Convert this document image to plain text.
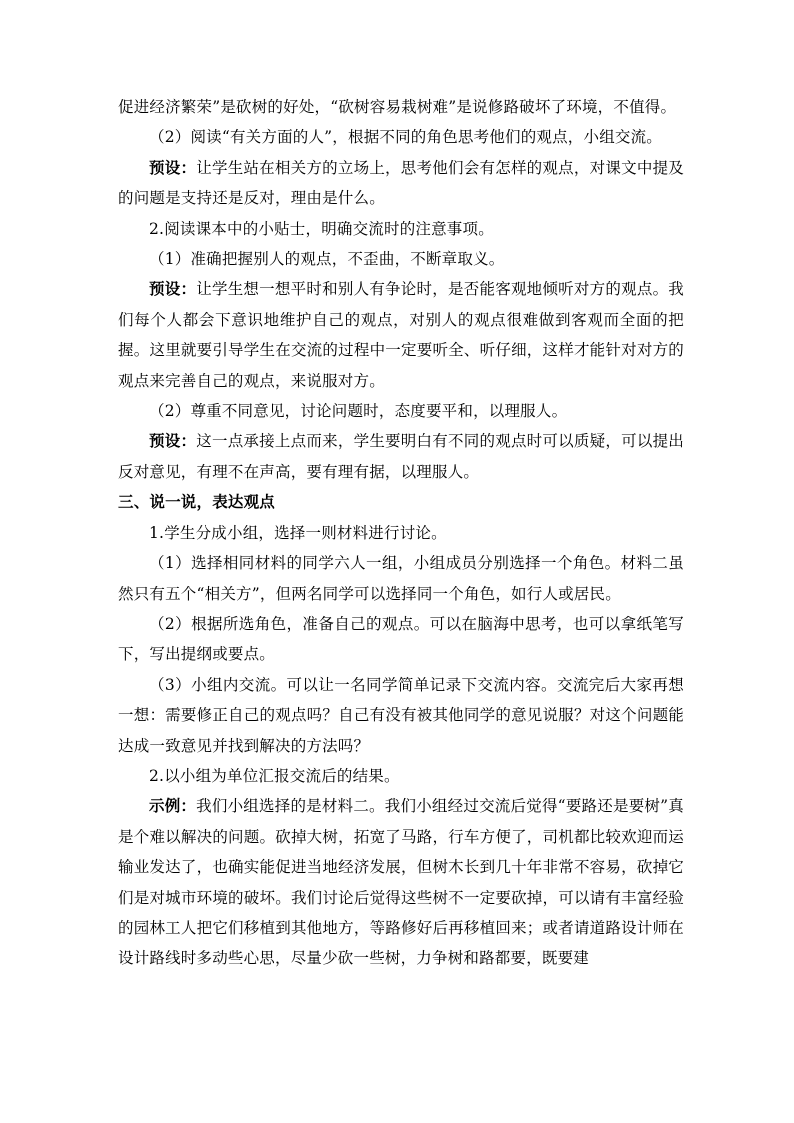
促进经济繁荣”是砍树的好处，“砍树容易栽树难”是说修路破坏了环境，不值得。

（2）阅读“有关方面的人”，根据不同的角色思考他们的观点，小组交流。

预设：让学生站在相关方的立场上，思考他们会有怎样的观点，对课文中提及的问题是支持还是反对，理由是什么。

2.阅读课本中的小贴士，明确交流时的注意事项。

（1）准确把握别人的观点，不歪曲，不断章取义。

预设：让学生想一想平时和别人有争论时，是否能客观地倾听对方的观点。我们每个人都会下意识地维护自己的观点，对别人的观点很难做到客观而全面的把握。这里就要引导学生在交流的过程中一定要听全、听仔细，这样才能针对对方的观点来完善自己的观点，来说服对方。

（2）尊重不同意见，讨论问题时，态度要平和，以理服人。

预设：这一点承接上点而来，学生要明白有不同的观点时可以质疑，可以提出反对意见，有理不在声高，要有理有据，以理服人。

三、说一说，表达观点

1.学生分成小组，选择一则材料进行讨论。

（1）选择相同材料的同学六人一组，小组成员分别选择一个角色。材料二虽然只有五个“相关方”，但两名同学可以选择同一个角色，如行人或居民。

（2）根据所选角色，准备自己的观点。可以在脑海中思考，也可以拿纸笔写下，写出提纲或要点。

（3）小组内交流。可以让一名同学简单记录下交流内容。交流完后大家再想一想：需要修正自己的观点吗？自己有没有被其他同学的意见说服？对这个问题能达成一致意见并找到解决的方法吗？

2.以小组为单位汇报交流后的结果。

示例：我们小组选择的是材料二。我们小组经过交流后觉得“要路还是要树”真是个难以解决的问题。砍掉大树，拓宽了马路，行车方便了，司机都比较欢迎而运输业发达了，也确实能促进当地经济发展，但树木长到几十年非常不容易，砍掉它们是对城市环境的破坏。我们讨论后觉得这些树不一定要砍掉，可以请有丰富经验的园林工人把它们移植到其他地方，等路修好后再移植回来；或者请道路设计师在设计路线时多动些心思，尽量少砍一些树，力争树和路都要，既要建
